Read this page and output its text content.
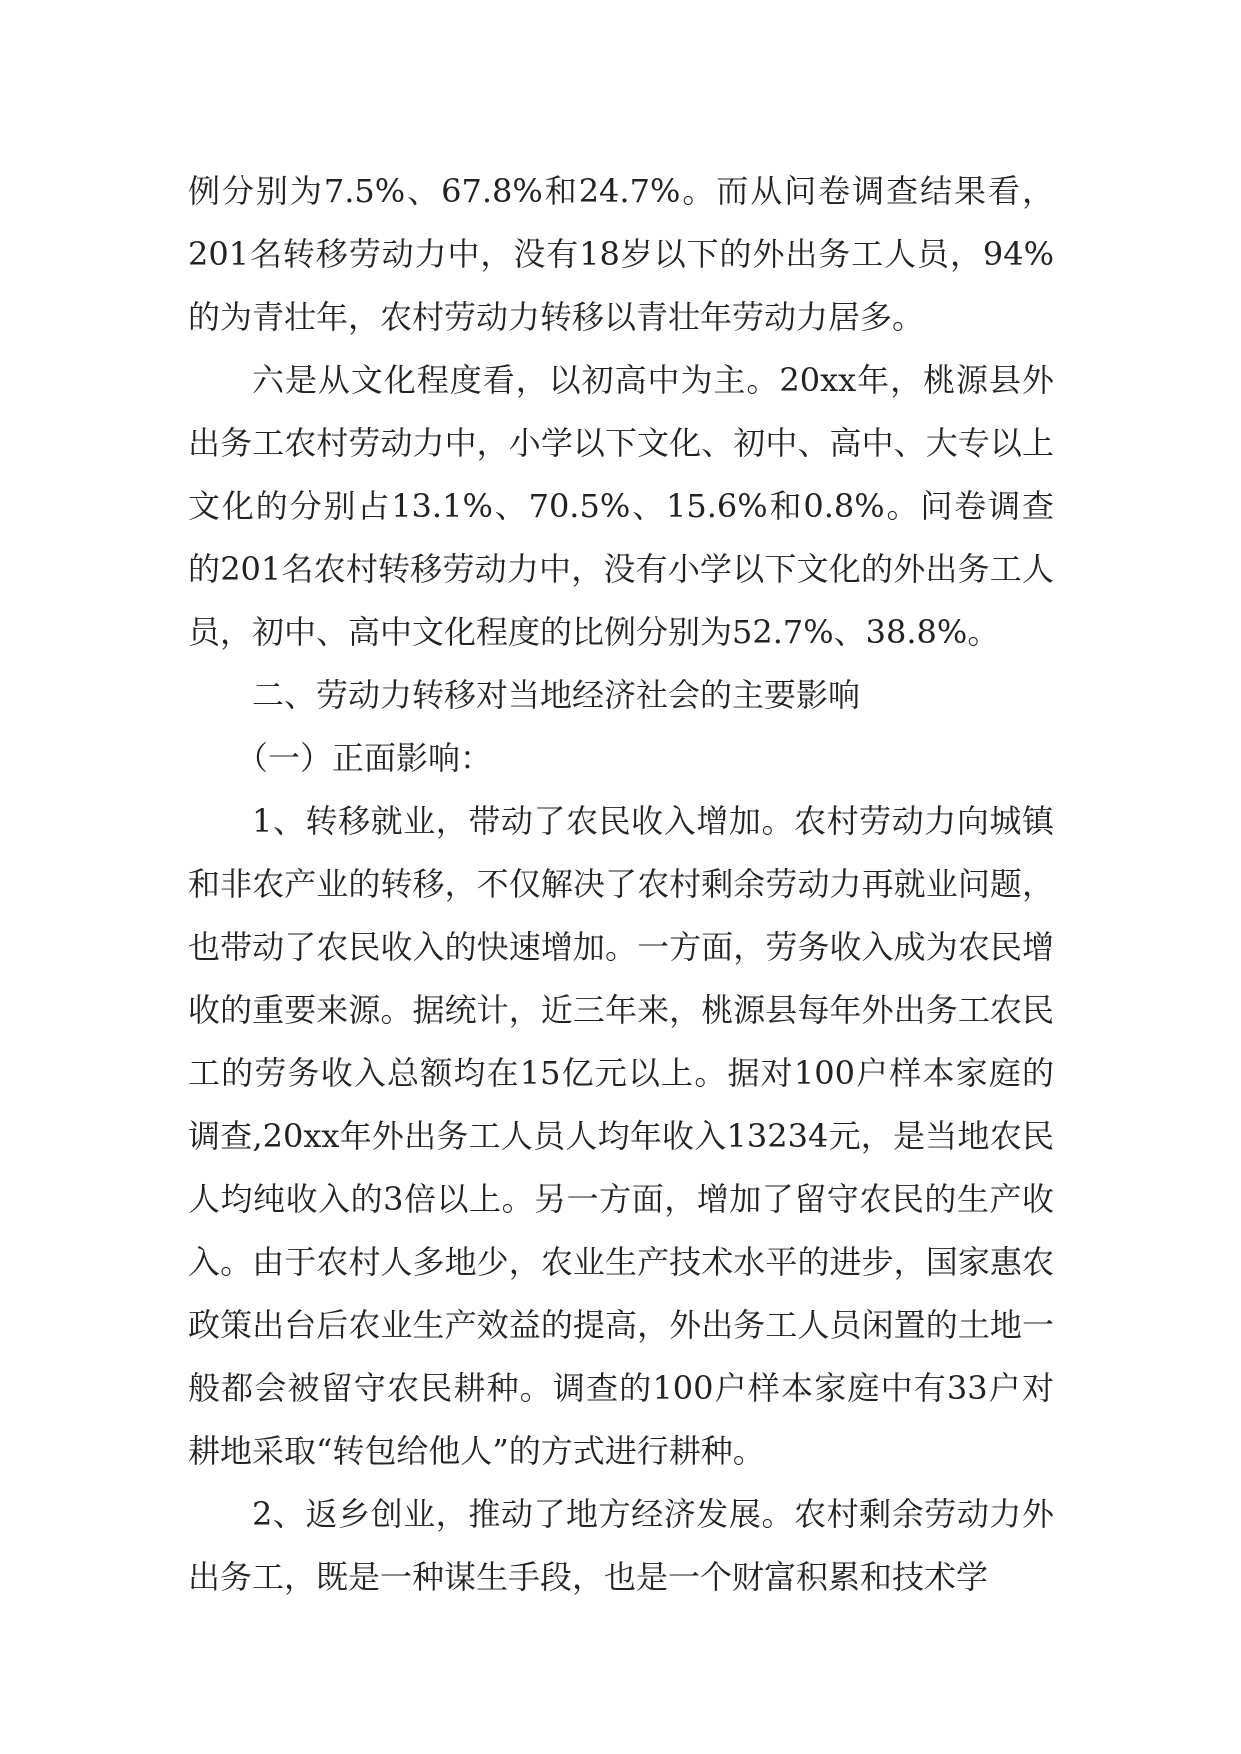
例分别为7.5%、67.8%和24.7%。而从问卷调查结果看，201名转移劳动力中，没有18岁以下的外出务工人员，94%的为青壮年，农村劳动力转移以青壮年劳动力居多。

六是从文化程度看，以初高中为主。20xx年，桃源县外出务工农村劳动力中，小学以下文化、初中、高中、大专以上文化的分别占13.1%、70.5%、15.6%和0.8%。问卷调查的201名农村转移劳动力中，没有小学以下文化的外出务工人员，初中、高中文化程度的比例分别为52.7%、38.8%。

二、劳动力转移对当地经济社会的主要影响

（一）正面影响：

1、转移就业，带动了农民收入增加。农村劳动力向城镇和非农产业的转移，不仅解决了农村剩余劳动力再就业问题，也带动了农民收入的快速增加。一方面，劳务收入成为农民增收的重要来源。据统计，近三年来，桃源县每年外出务工农民工的劳务收入总额均在15亿元以上。据对100户样本家庭的调查,20xx年外出务工人员人均年收入13234元，是当地农民人均纯收入的3倍以上。另一方面，增加了留守农民的生产收入。由于农村人多地少，农业生产技术水平的进步，国家惠农政策出台后农业生产效益的提高，外出务工人员闲置的土地一般都会被留守农民耕种。调查的100户样本家庭中有33户对耕地采取“转包给他人”的方式进行耕种。

2、返乡创业，推动了地方经济发展。农村剩余劳动力外出务工，既是一种谋生手段，也是一个财富积累和技术学
